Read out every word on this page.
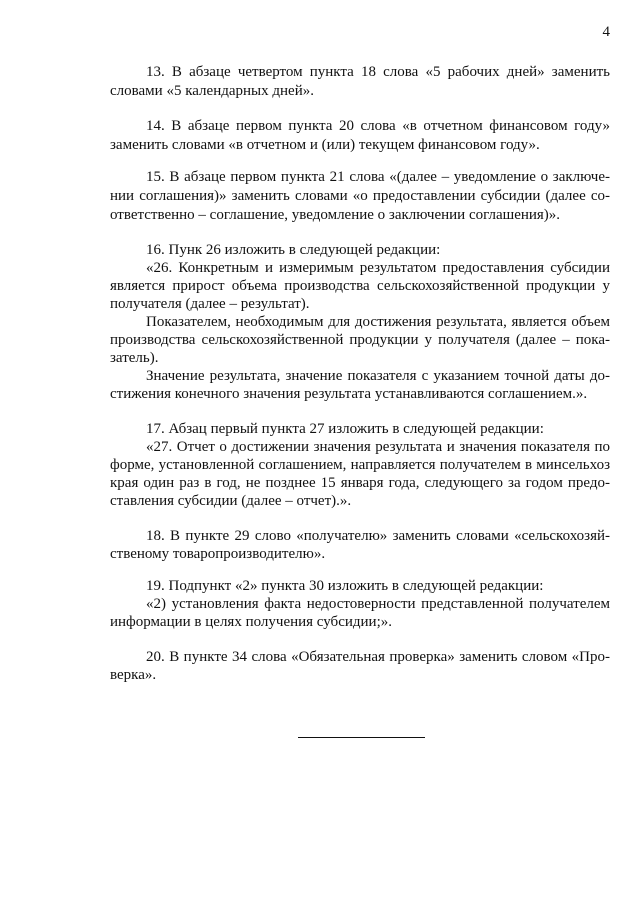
4
13. В абзаце четвертом пункта 18 слова «5 рабочих дней» заменить
словами «5 календарных дней».
14. В абзаце первом пункта 20 слова «в отчетном финансовом году»
заменить словами «в отчетном и (или) текущем финансовом году».
15. В абзаце первом пункта 21 слова «(далее – уведомление о заключе-
нии соглашения)» заменить словами «о предоставлении субсидии (далее со-
ответственно – соглашение, уведомление о заключении соглашения)».
16. Пунк 26 изложить в следующей редакции:
«26. Конкретным и измеримым результатом предоставления субсидии
является прирост объема производства сельскохозяйственной продукции у
получателя (далее – результат).
Показателем, необходимым для достижения результата, является объем
производства сельскохозяйственной продукции у получателя (далее – пока-
затель).
Значение результата, значение показателя с указанием точной даты до-
стижения конечного значения результата устанавливаются соглашением.».
17. Абзац первый пункта 27 изложить в следующей редакции:
«27. Отчет о достижении значения результата и значения показателя по
форме, установленной соглашением, направляется получателем в минсельхоз
края один раз в год, не позднее 15 января года, следующего за годом предо-
ставления субсидии (далее – отчет).».
18. В пункте 29 слово «получателю» заменить словами «сельскохозяй-
ственому товаропроизводителю».
19. Подпункт «2» пункта 30 изложить в следующей редакции:
«2) установления факта недостоверности представленной получателем
информации в целях получения субсидии;».
20. В пункте 34 слова «Обязательная проверка» заменить словом «Про-
верка».
